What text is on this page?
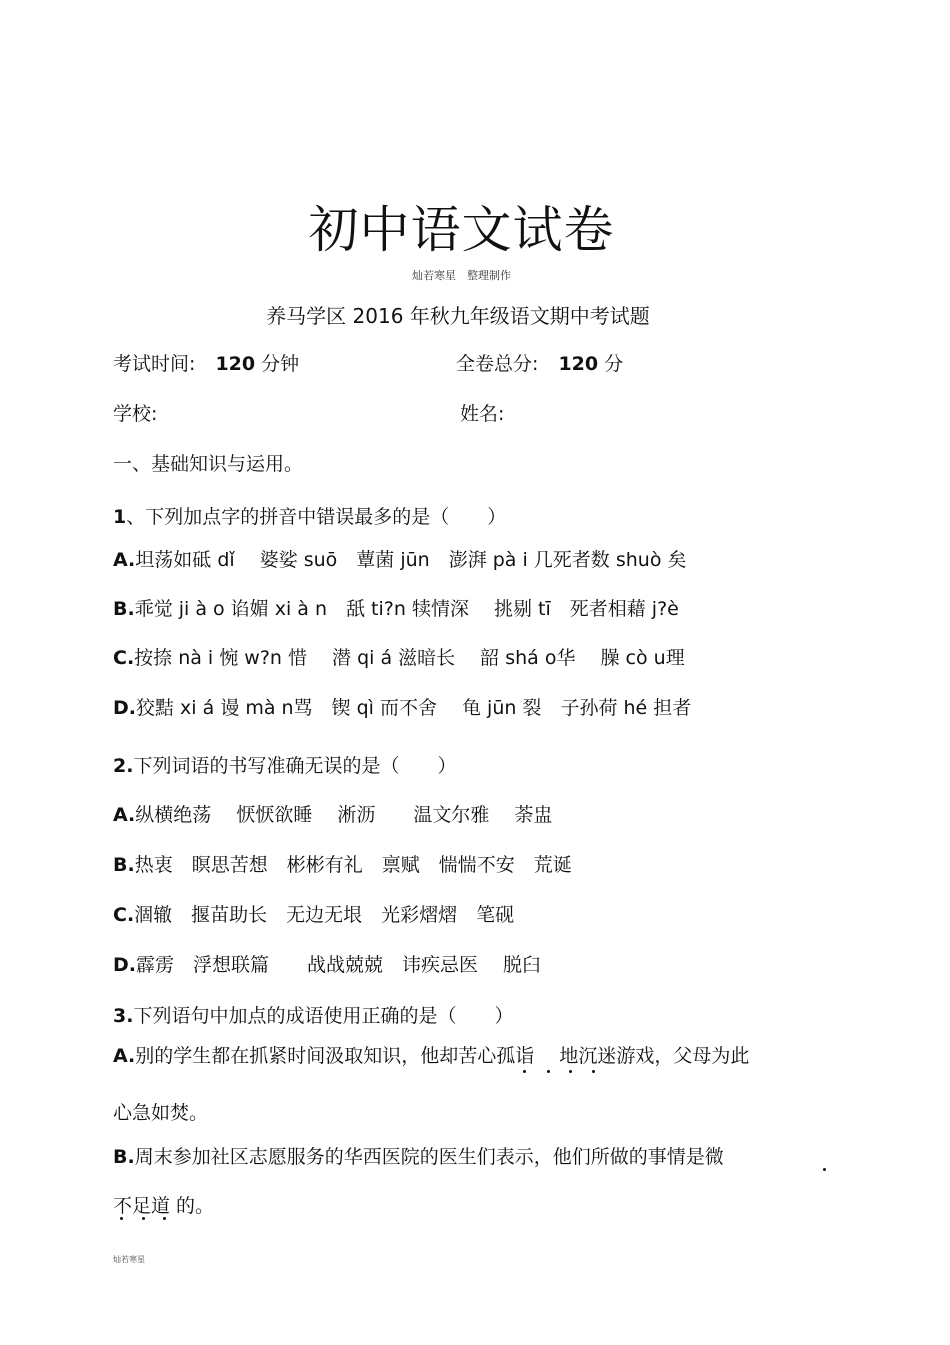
初中语文试卷
灿若寒星　整理制作
养马学区 2016 年秋九年级语文期中考试题
考试时间: 120 分钟	全卷总分: 120 分
学校:	姓名:
一、基础知识与运用。
1、下列加点字的拼音中错误最多的是（　　）
A.坦荡如砥 dǐ　 婆娑 suō　蕈菌 jūn　澎湃 pà i 几死者数 shuò 矣
B.乖觉 ji à o 谄媚 xi à n　舐 ti?n 犊情深　 挑剔 tī　死者相藉 j?è
C.按捺 nà i 惋 w?n 惜　 潜 qi á 滋暗长　 韶 shá o华　 臊 cò u理
D.狡黠 xi á 谩 mà n骂　锲 qì 而不舍　 龟 jūn 裂　子孙荷 hé 担者
2.下列词语的书写准确无误的是（　　）
A.纵横绝荡　 恹恹欲睡　 淅沥　　温文尔雅　 荼盅
B.热衷　瞑思苦想　彬彬有礼　禀赋　惴惴不安　荒诞
C.涸辙　揠苗助长　无边无垠　光彩熠熠　笔砚
D.霹雳　浮想联篇　　战战兢兢　讳疾忌医　 脱臼
3.下列语句中加点的成语使用正确的是（　　）
A.别的学生都在抓紧时间汲取知识，他却苦心孤诣　 地沉迷游戏，父母为此
心急如焚。
B.周末参加社区志愿服务的华西医院的医生们表示，他们所做的事情是微
不足道 的。
灿若寒星
